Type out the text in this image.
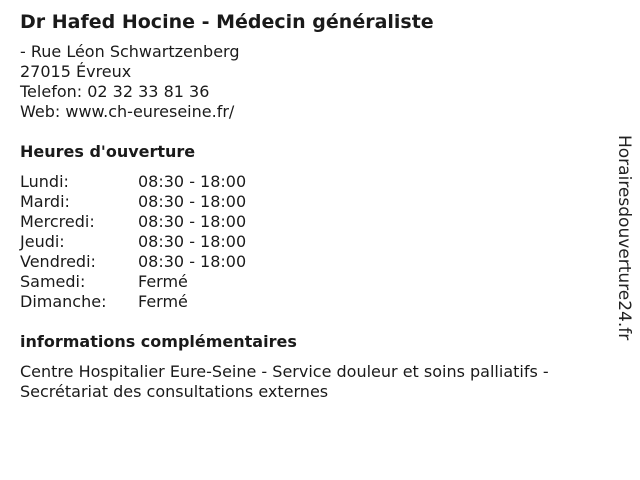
Dr Hafed Hocine - Médecin généraliste
- Rue Léon Schwartzenberg
27015 Évreux
Telefon: 02 32 33 81 36
Web: www.ch-eureseine.fr/
Heures d'ouverture
Lundi:	08:30 - 18:00
Mardi:	08:30 - 18:00
Mercredi:	08:30 - 18:00
Jeudi:	08:30 - 18:00
Vendredi:	08:30 - 18:00
Samedi:	Fermé
Dimanche: Fermé
informations complémentaires
Centre Hospitalier Eure-Seine - Service douleur et soins palliatifs - Secrétariat des consultations externes
Horairesdouverture24.fr
